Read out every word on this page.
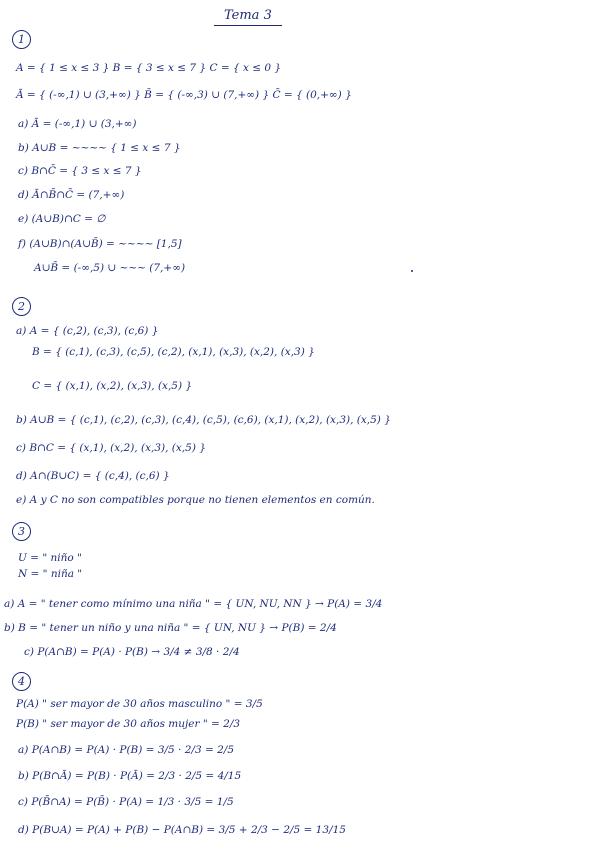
Tema 3
1
A = { 1 ≤ x ≤ 3 } B = { 3 ≤ x ≤ 7 } C = { x ≤ 0 }
Ā = { (-∞,1) ∪ (3,+∞) } B̄ = { (-∞,3) ∪ (7,+∞) } C̄ = { (0,+∞) }
a) Ā = (-∞,1) ∪ (3,+∞)
b) A∪B = ~~~~ { 1 ≤ x ≤ 7 }
c) B∩C̄ = { 3 ≤ x ≤ 7 }
d) Ā∩B̄∩C̄ = (7,+∞)
e) (A∪B)∩C = ∅
f) (A∪B)∩(A∪B̄) = ~~~~ [1,5]
A∪B̄ = (-∞,5) ∪ ~~~ (7,+∞)
2
a) A = { (c,2), (c,3), (c,6) }
B = { (c,1), (c,3), (c,5), (c,2), (x,1), (x,3), (x,2), (x,3) }
C = { (x,1), (x,2), (x,3), (x,5) }
b) A∪B = { (c,1), (c,2), (c,3), (c,4), (c,5), (c,6), (x,1), (x,2), (x,3), (x,5) }
c) B∩C = { (x,1), (x,2), (x,3), (x,5) }
d) A∩(B∪C) = { (c,4), (c,6) }
e) A y C no son compatibles porque no tienen elementos en común.
3
U = " niño "
N = " niña "
a) A = " tener como mínimo una niña " = { UN, NU, NN } → P(A) = 3/4
b) B = " tener un niño y una niña " = { UN, NU } → P(B) = 2/4
c) P(A∩B) = P(A) · P(B) → 3/4 ≠ 3/8 · 2/4
4
P(A) " ser mayor de 30 años masculino " = 3/5
P(B) " ser mayor de 30 años mujer " = 2/3
a) P(A∩B) = P(A) · P(B) = 3/5 · 2/3 = 2/5
b) P(B∩Ā) = P(B) · P(Ā) = 2/3 · 2/5 = 4/15
c) P(B̄∩A) = P(B̄) · P(A) = 1/3 · 3/5 = 1/5
d) P(B∪A) = P(A) + P(B) − P(A∩B) = 3/5 + 2/3 − 2/5 = 13/15
